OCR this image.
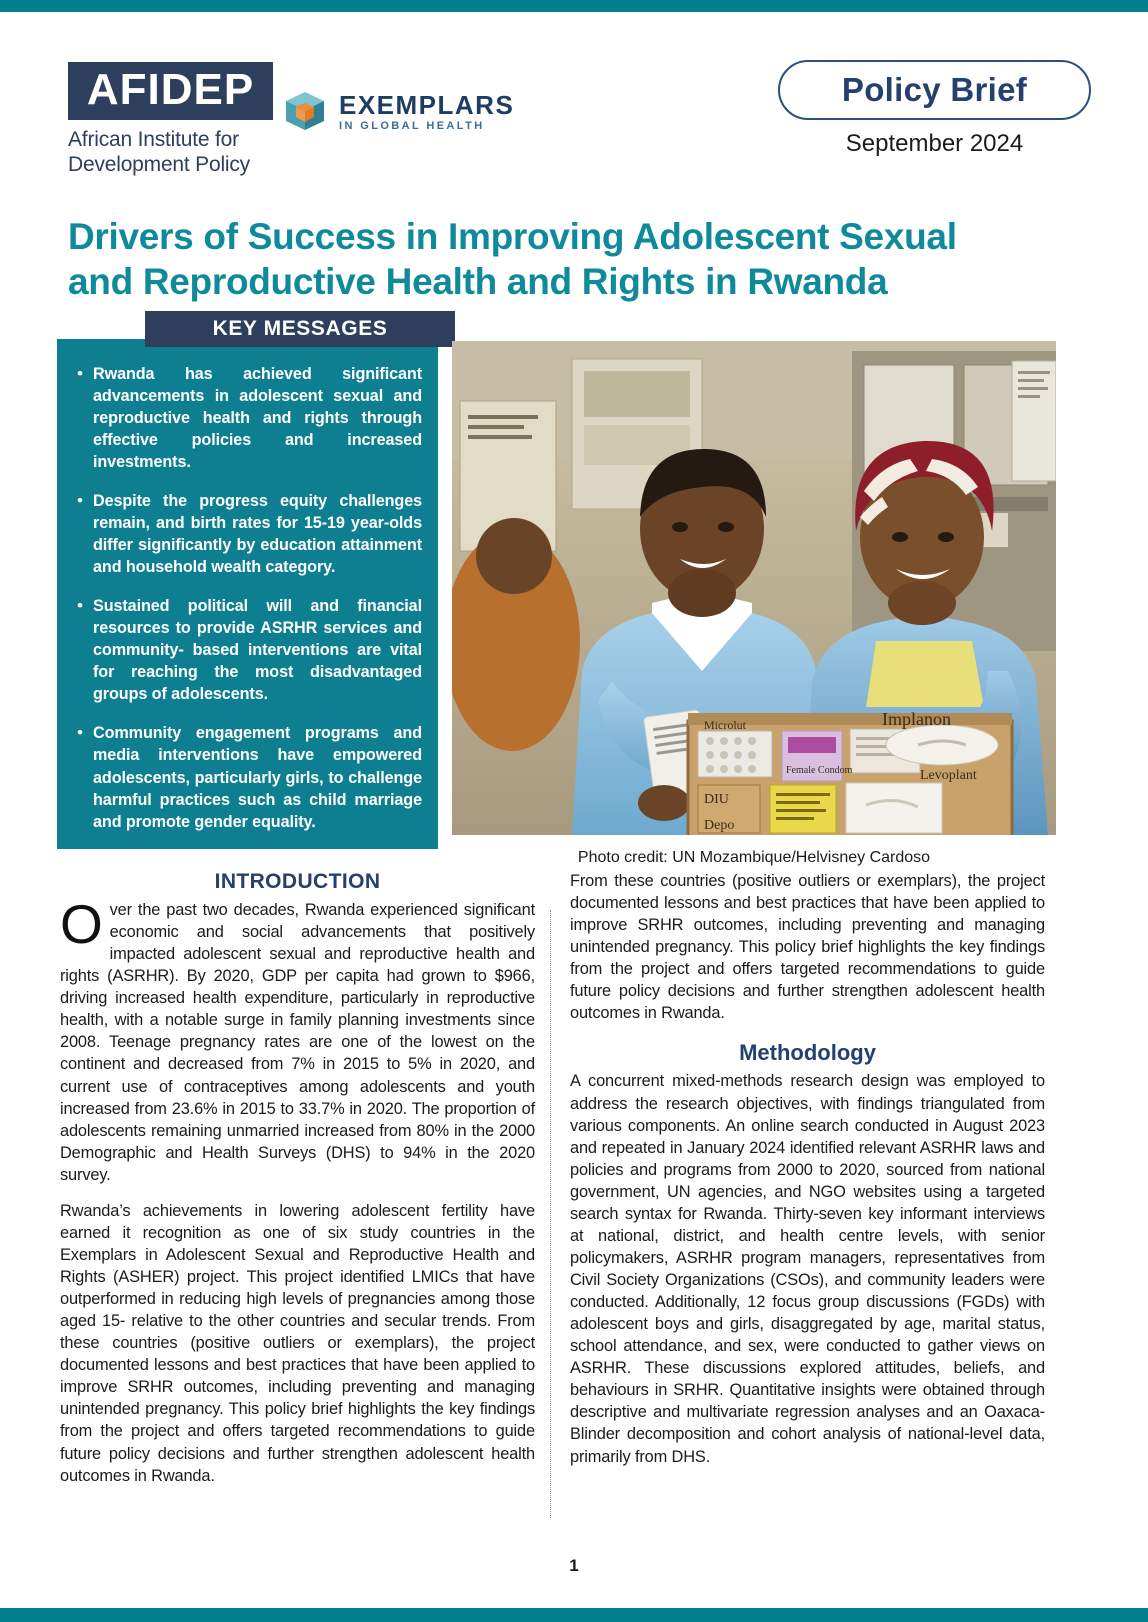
AFIDEP
African Institute for Development Policy
EXEMPLARS
IN GLOBAL HEALTH
Policy Brief
September 2024
Drivers of Success in Improving Adolescent Sexual and Reproductive Health and Rights in Rwanda
KEY MESSAGES
• Rwanda has achieved significant advancements in adolescent sexual and reproductive health and rights through effective policies and increased investments.
• Despite the progress equity challenges remain, and birth rates for 15-19 year-olds differ significantly by education attainment and household wealth category.
• Sustained political will and financial resources to provide ASRHR services and community- based interventions are vital for reaching the most disadvantaged groups of adolescents.
• Community engagement programs and media interventions have empowered adolescents, particularly girls, to challenge harmful practices such as child marriage and promote gender equality.
Microlut
DIU
Depo
Female Condom
Implanon
Levoplant
Photo credit: UN Mozambique/Helvisney Cardoso
INTRODUCTION

Over the past two decades, Rwanda experienced significant economic and social advancements that positively impacted adolescent sexual and reproductive health and rights (ASRHR). By 2020, GDP per capita had grown to $966, driving increased health expenditure, particularly in reproductive health, with a notable surge in family planning investments since 2008. Teenage pregnancy rates are one of the lowest on the continent and decreased from 7% in 2015 to 5% in 2020, and current use of contraceptives among adolescents and youth increased from 23.6% in 2015 to 33.7% in 2020. The proportion of adolescents remaining unmarried increased from 80% in the 2000 Demographic and Health Surveys (DHS) to 94% in the 2020 survey.

Rwanda’s achievements in lowering adolescent fertility have earned it recognition as one of six study countries in the Exemplars in Adolescent Sexual and Reproductive Health and Rights (ASHER) project. This project identified LMICs that have outperformed in reducing high levels of pregnancies among those aged 15- relative to the other countries and secular trends. From these countries (positive outliers or exemplars), the project documented lessons and best practices that have been applied to improve SRHR outcomes, including preventing and managing unintended pregnancy. This policy brief highlights the key findings from the project and offers targeted recommendations to guide future policy decisions and further strengthen adolescent health outcomes in Rwanda.

From these countries (positive outliers or exemplars), the project documented lessons and best practices that have been applied to improve SRHR outcomes, including preventing and managing unintended pregnancy. This policy brief highlights the key findings from the project and offers targeted recommendations to guide future policy decisions and further strengthen adolescent health outcomes in Rwanda.

Methodology

A concurrent mixed-methods research design was employed to address the research objectives, with findings triangulated from various components. An online search conducted in August 2023 and repeated in January 2024 identified relevant ASRHR laws and policies and programs from 2000 to 2020, sourced from national government, UN agencies, and NGO websites using a targeted search syntax for Rwanda. Thirty-seven key informant interviews at national, district, and health centre levels, with senior policymakers, ASRHR program managers, representatives from Civil Society Organizations (CSOs), and community leaders were conducted. Additionally, 12 focus group discussions (FGDs) with adolescent boys and girls, disaggregated by age, marital status, school attendance, and sex, were conducted to gather views on ASRHR. These discussions explored attitudes, beliefs, and behaviours in SRHR. Quantitative insights were obtained through descriptive and multivariate regression analyses and an Oaxaca-Blinder decomposition and cohort analysis of national-level data, primarily from DHS.

1
